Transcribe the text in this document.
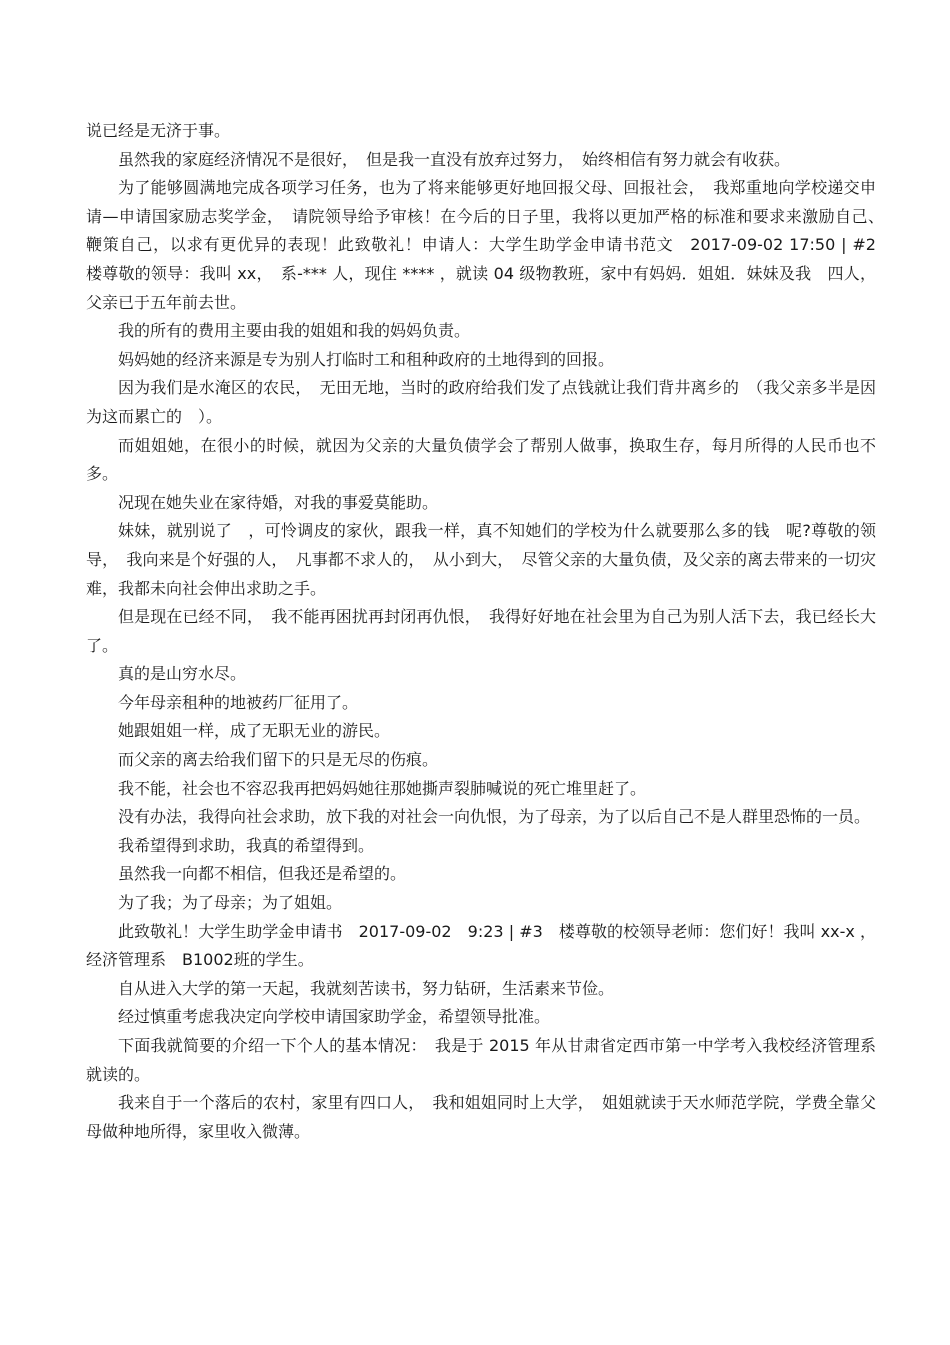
说已经是无济于事。

虽然我的家庭经济情况不是很好，　但是我一直没有放弃过努力，　始终相信有努力就会有收获。

为了能够圆满地完成各项学习任务，也为了将来能够更好地回报父母、回报社会，　我郑重地向学校递交申请—申请国家励志奖学金，　请院领导给予审核！在今后的日子里，我将以更加严格的标准和要求来激励自己、　鞭策自己，以求有更优异的表现！此致敬礼！申请人：大学生助学金申请书范文　2017-09-02 17:50 | #2　楼尊敬的领导：我叫 xx，　系-*** 人，现住 **** ，就读 04 级物教班，家中有妈妈．姐姐．妹妹及我　四人，父亲已于五年前去世。

我的所有的费用主要由我的姐姐和我的妈妈负责。

妈妈她的经济来源是专为别人打临时工和租种政府的土地得到的回报。

因为我们是水淹区的农民，　无田无地，当时的政府给我们发了点钱就让我们背井离乡的　（我父亲多半是因为这而累亡的　）。

而姐姐她，在很小的时候，就因为父亲的大量负债学会了帮别人做事，换取生存，每月所得的人民币也不多。

况现在她失业在家待婚，对我的事爱莫能助。

妹妹，就别说了　，可怜调皮的家伙，跟我一样，真不知她们的学校为什么就要那么多的钱　呢?尊敬的领导，　我向来是个好强的人，　凡事都不求人的，　从小到大，　尽管父亲的大量负债，及父亲的离去带来的一切灾难，我都未向社会伸出求助之手。

但是现在已经不同，　我不能再困扰再封闭再仇恨，　我得好好地在社会里为自己为别人活下去，我已经长大了。

真的是山穷水尽。

今年母亲租种的地被药厂征用了。

她跟姐姐一样，成了无职无业的游民。

而父亲的离去给我们留下的只是无尽的伤痕。

我不能，社会也不容忍我再把妈妈她往那她撕声裂肺喊说的死亡堆里赶了。

没有办法，我得向社会求助，放下我的对社会一向仇恨，为了母亲，为了以后自己不是人群里恐怖的一员。

我希望得到求助，我真的希望得到。

虽然我一向都不相信，但我还是希望的。

为了我；为了母亲；为了姐姐。

此致敬礼！大学生助学金申请书　2017-09-02　9:23 | #3　楼尊敬的校领导老师：您们好！我叫 xx-x ，经济管理系　B1002班的学生。

自从进入大学的第一天起，我就刻苦读书，努力钻研，生活素来节俭。

经过慎重考虑我决定向学校申请国家助学金，希望领导批准。

下面我就简要的介绍一下个人的基本情况：　我是于 2015 年从甘肃省定西市第一中学考入我校经济管理系就读的。

我来自于一个落后的农村，家里有四口人，　我和姐姐同时上大学，　姐姐就读于天水师范学院，学费全靠父母做种地所得，家里收入微薄。
